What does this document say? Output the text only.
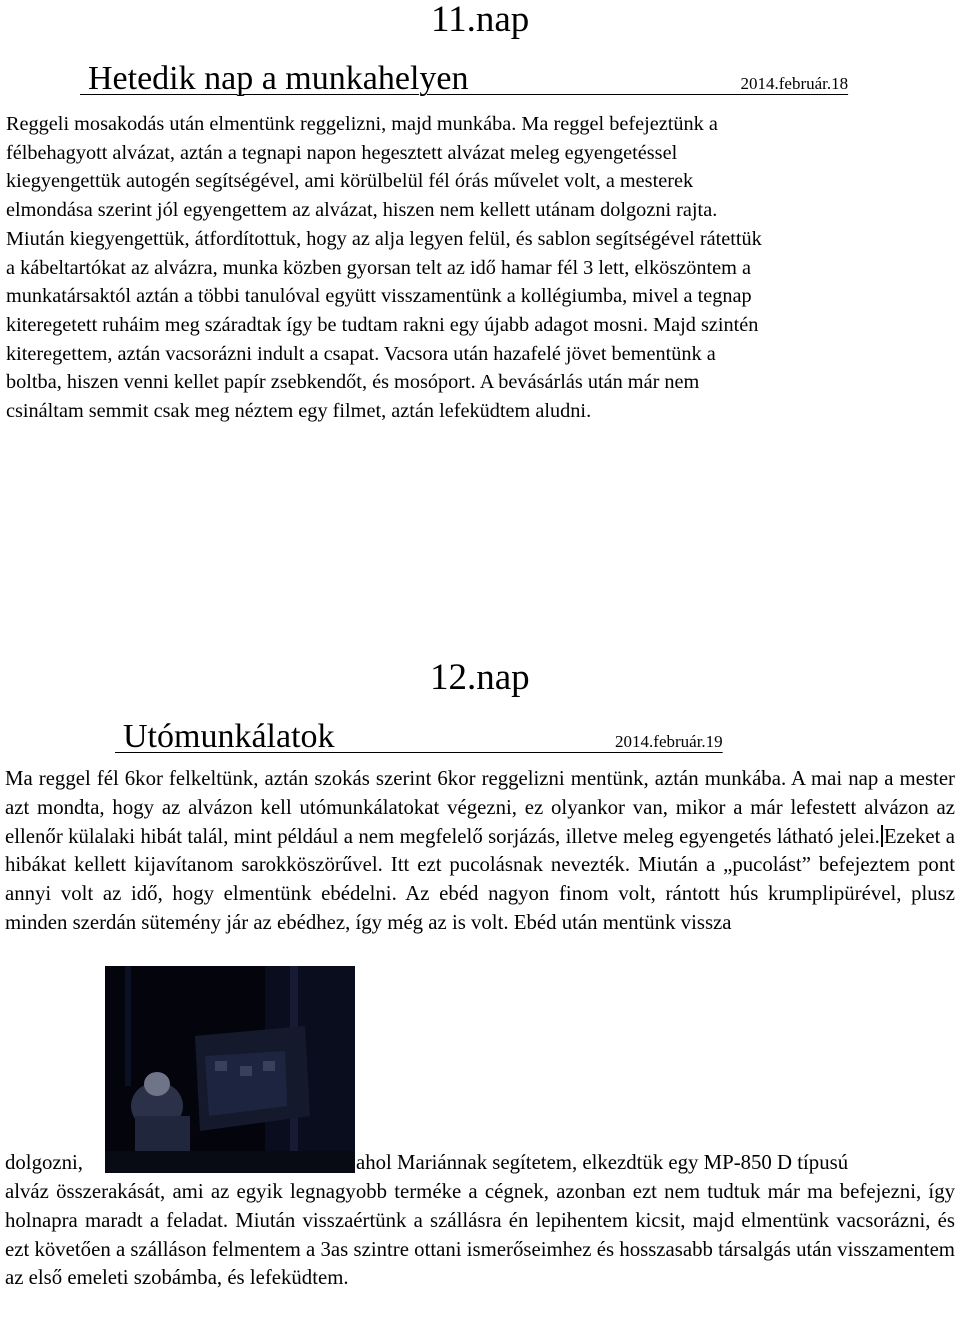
11.nap

Hetedik nap a munkahelyen	2014.február.18

Reggeli mosakodás után elmentünk reggelizni, majd munkába. Ma reggel befejeztünk a

félbehagyott alvázat, aztán a tegnapi napon hegesztett alvázat meleg egyengetéssel

kiegyengettük autogén segítségével, ami körülbelül fél órás művelet volt, a mesterek

elmondása szerint jól egyengettem az alvázat, hiszen nem kellett utánam dolgozni rajta.

Miután kiegyengettük, átfordítottuk, hogy az alja legyen felül, és sablon segítségével rátettük

a kábeltartókat az alvázra, munka közben gyorsan telt az idő hamar fél 3 lett, elköszöntem a

munkatársaktól aztán a többi tanulóval együtt visszamentünk a kollégiumba, mivel a tegnap

kiteregetett ruháim meg száradtak így be tudtam rakni egy újabb adagot mosni. Majd szintén

kiteregettem, aztán vacsorázni indult a csapat. Vacsora után hazafelé jövet bementünk a

boltba, hiszen venni kellet papír zsebkendőt, és mosóport. A bevásárlás után már nem

csináltam semmit csak meg néztem egy filmet, aztán lefeküdtem aludni.

12.nap

Utómunkálatok	2014.február.19

Ma reggel fél 6kor felkeltünk, aztán szokás szerint 6kor reggelizni mentünk, aztán munkába. A mai nap a mester azt mondta, hogy az alvázon kell utómunkálatokat végezni, ez olyankor van, mikor a már lefestett alvázon az ellenőr külalaki hibát talál, mint például a nem megfelelő sorjázás, illetve meleg egyengetés látható jelei. Ezeket a hibákat kellett kijavítanom sarokköszörűvel. Itt ezt pucolásnak nevezték. Miután a „pucolást” befejeztem pont annyi volt az idő, hogy elmentünk ebédelni. Az ebéd nagyon finom volt, rántott hús krumplipürével, plusz minden szerdán sütemény jár az ebédhez, így még az is volt. Ebéd után mentünk vissza

dolgozni,	ahol Mariánnak segítetem, elkezdtük egy MP-850 D típusú

alváz összerakását, ami az egyik legnagyobb terméke a cégnek, azonban ezt nem tudtuk már ma befejezni, így holnapra maradt a feladat. Miután visszaértünk a szállásra én lepihentem kicsit, majd elmentünk vacsorázni, és ezt követően a szálláson felmentem a 3as szintre ottani ismerőseimhez és hosszasabb társalgás után visszamentem az első emeleti szobámba, és lefeküdtem.
